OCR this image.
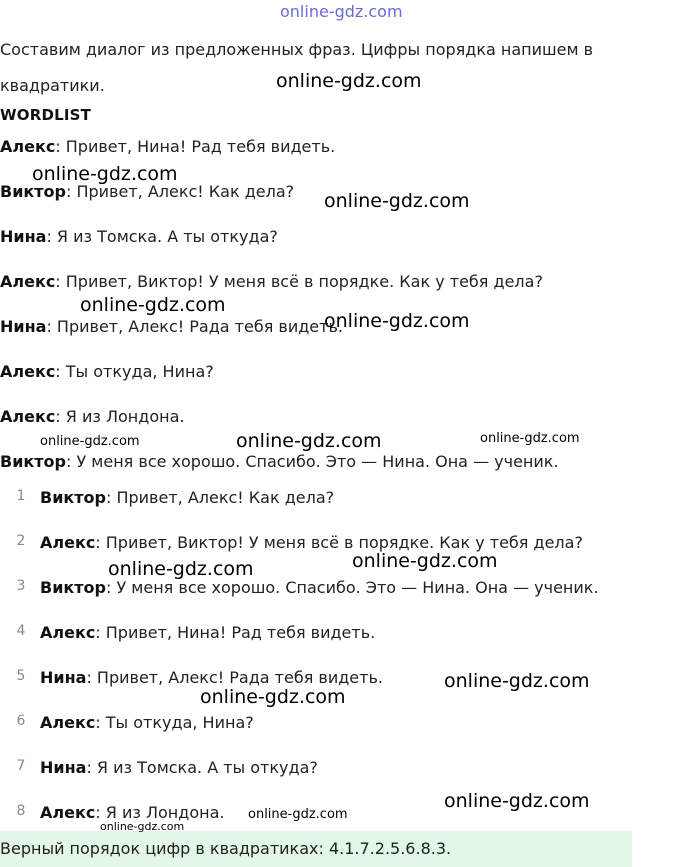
online-gdz.com
Составим диалог из предложенных фраз. Цифры порядка напишем в
квадратики.
WORDLIST
Алекс: Привет, Нина! Рад тебя видеть.
Виктор: Привет, Алекс! Как дела?
Нина: Я из Томска. А ты откуда?
Алекс: Привет, Виктор! У меня всё в порядке. Как у тебя дела?
Нина: Привет, Алекс! Рада тебя видеть.
Алекс: Ты откуда, Нина?
Алекс: Я из Лондона.
Виктор: У меня все хорошо. Спасибо. Это — Нина. Она — ученик.
1 Виктор: Привет, Алекс! Как дела?
2 Алекс: Привет, Виктор! У меня всё в порядке. Как у тебя дела?
3 Виктор: У меня все хорошо. Спасибо. Это — Нина. Она — ученик.
4 Алекс: Привет, Нина! Рад тебя видеть.
5 Нина: Привет, Алекс! Рада тебя видеть.
6 Алекс: Ты откуда, Нина?
7 Нина: Я из Томска. А ты откуда?
8 Алекс: Я из Лондона.
Верный порядок цифр в квадратиках: 4.1.7.2.5.6.8.3.
online-gdz.com
online-gdz.com
online-gdz.com
online-gdz.com
online-gdz.com
online-gdz.com	online-gdz.com	online-gdz.com
online-gdz.com
online-gdz.com
online-gdz.com
online-gdz.com
online-gdz.com
online-gdz.com
online-gdz.com
